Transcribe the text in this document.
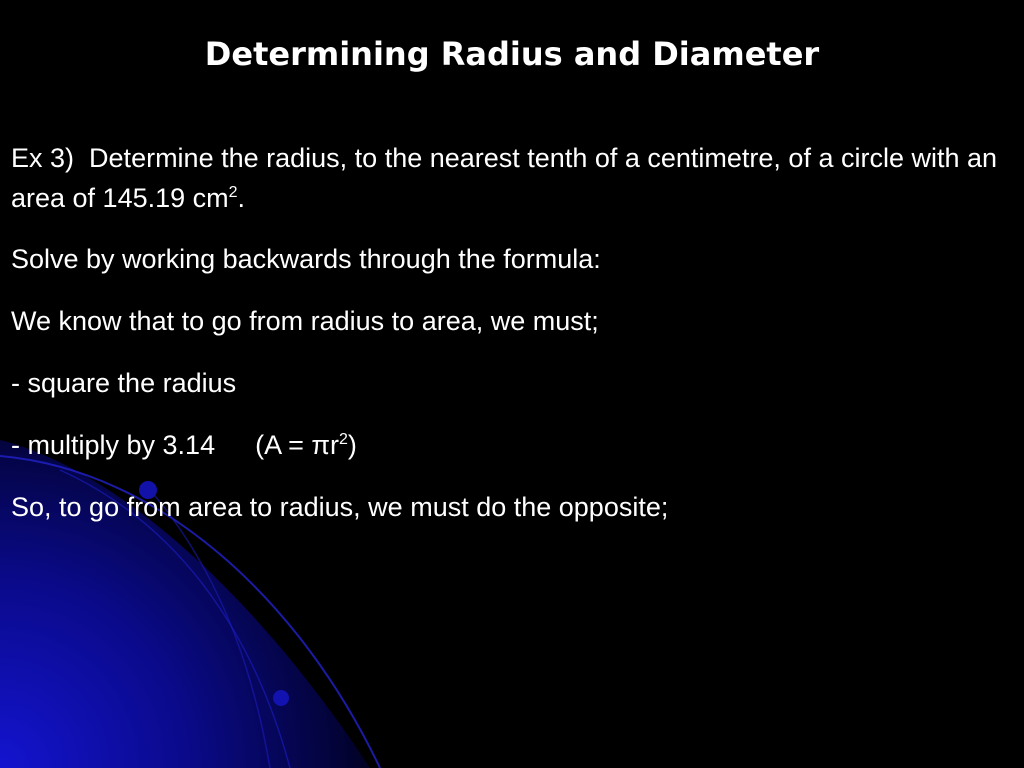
Determining Radius and Diameter

Ex 3) Determine the radius, to the nearest tenth of a centimetre, of a circle with an area of 145.19 $cm^2$.

Solve by working backwards through the formula:

We know that to go from radius to area, we must;

- square the radius

- multiply by 3.14 $(A = \pi r^2)$

So, to go from area to radius, we must do the opposite;
